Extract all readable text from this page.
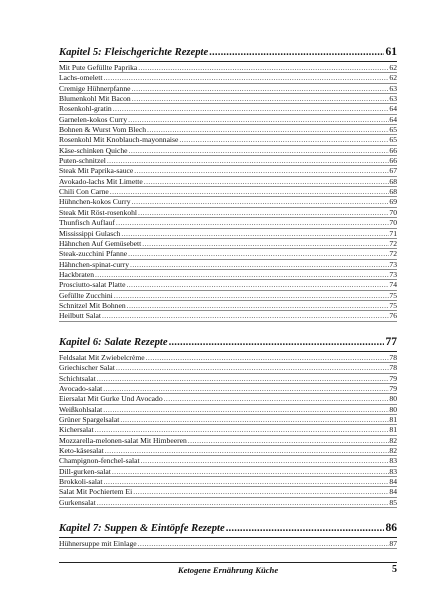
Kapitel 5: Fleischgerichte Rezepte .....	61
Mit Pute Gefüllte Paprika .....	62
Lachs-omelett .....	62
Cremige Hühnerpfanne .....	63
Blumenkohl Mit Bacon .....	63
Rosenkohl-gratin .....	64
Garnelen-kokos Curry .....	64
Bohnen & Wurst Vom Blech .....	65
Rosenkohl Mit Knoblauch-mayonnaise .....	65
Käse-schinken Quiche .....	66
Puten-schnitzel .....	66
Steak Mit Paprika-sauce .....	67
Avokado-lachs Mit Limette .....	68
Chili Con Carne .....	68
Hühnchen-kokos Curry .....	69
Steak Mit Röst-rosenkohl .....	70
Thunfisch Auflauf .....	70
Mississippi Gulasch .....	71
Hähnchen Auf Gemüsebett .....	72
Steak-zucchini Pfanne .....	72
Hähnchen-spinat-curry .....	73
Hackbraten .....	73
Prosciutto-salat Platte .....	74
Gefüllte Zucchini .....	75
Schnitzel Mit Bohnen .....	75
Heilbutt Salat .....	76
Kapitel 6: Salate Rezepte .....	77
Feldsalat Mit Zwiebelcrème .....	78
Griechischer Salat .....	78
Schichtsalat .....	79
Avocado-salat .....	79
Eiersalat Mit Gurke Und Avocado .....	80
Weißkohlsalat .....	80
Grüner Spargelsalat .....	81
Kichersalat .....	81
Mozzarella-melonen-salat Mit Himbeeren .....	82
Keto-käsesalat .....	82
Champignon-fenchel-salat .....	83
Dill-gurken-salat .....	83
Brokkoli-salat .....	84
Salat Mit Pochiertem Ei .....	84
Gurkensalat .....	85
Kapitel 7: Suppen & Eintöpfe Rezepte .....	86
Hühnersuppe mit Einlage .....	87
Ketogene Ernährung Küche	5
